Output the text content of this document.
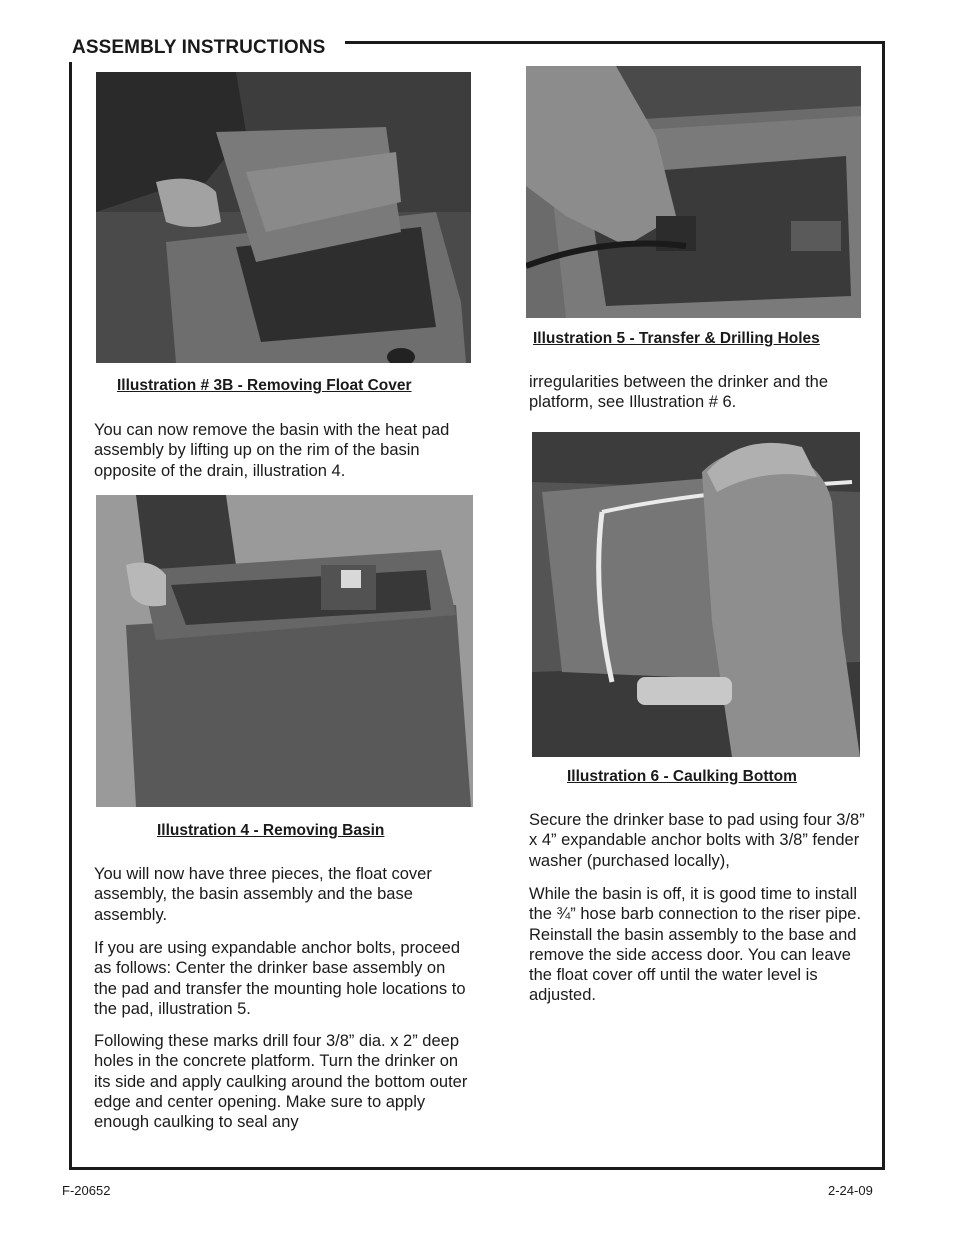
ASSEMBLY INSTRUCTIONS
Illustration # 3B - Removing Float Cover

You can now remove the basin with the heat pad assembly by lifting up on the rim of the basin opposite of the drain, illustration 4.

Illustration 4 - Removing Basin

You will now have three pieces, the float cover assembly, the basin assembly and the base assembly.

If you are using expandable anchor bolts, proceed as follows: Center the drinker base assembly on the pad and transfer the mounting hole locations to the pad, illustration 5.

Following these marks drill four 3/8” dia. x 2” deep holes in the concrete platform. Turn the drinker on its side and apply caulking around the bottom outer edge and center opening. Make sure to apply enough caulking to seal any

Illustration 5 - Transfer & Drilling Holes

irregularities between the drinker and the platform, see Illustration # 6.

Illustration 6 - Caulking Bottom

Secure the drinker base to pad using four 3/8” x 4” expandable anchor bolts with 3/8” fender washer (purchased locally),

While the basin is off, it is good time to install the ¾” hose barb connection to the riser pipe. Reinstall the basin assembly to the base and remove the side access door. You can leave the float cover off until the water level is adjusted.

F-20652	2-24-09
